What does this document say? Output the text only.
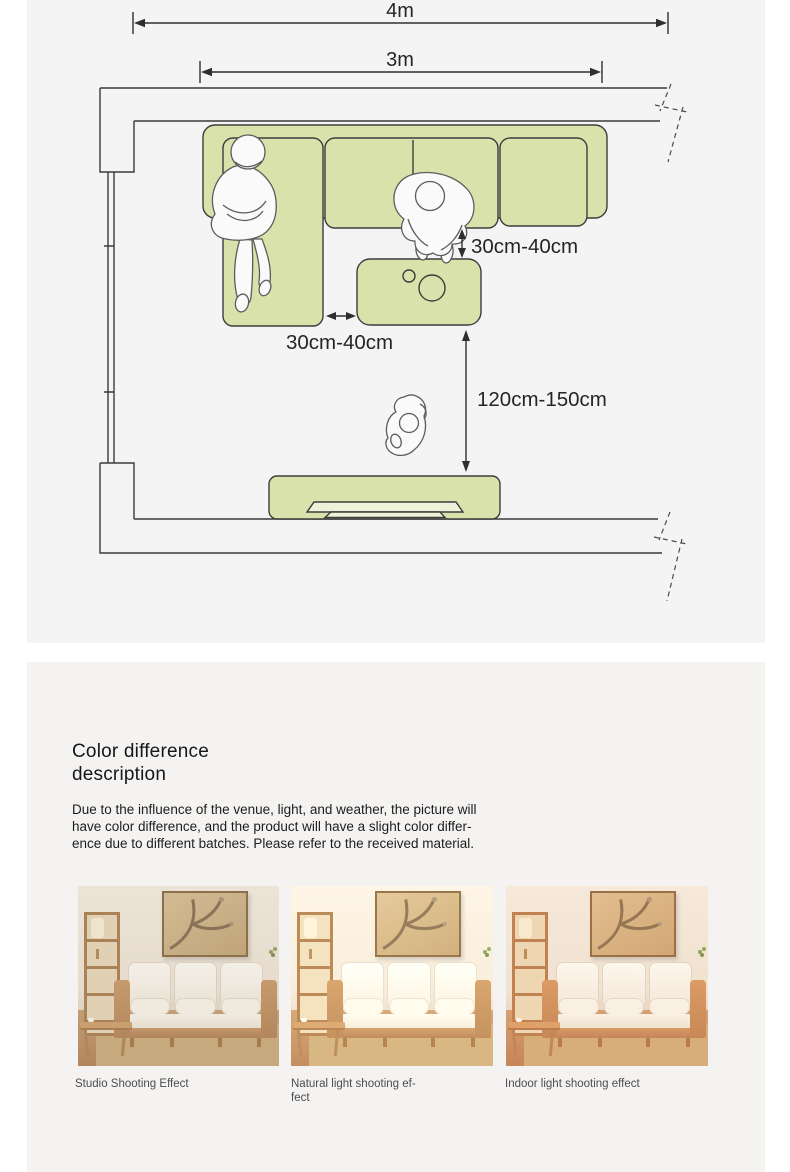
4m
3m
30cm-40cm
30cm-40cm
120cm-150cm
Color difference
description
Due to the influence of the venue, light, and weather, the picture will
have color difference, and the product will have a slight color differ-
ence due to different batches. Please refer to the received material.
Studio Shooting Effect	Natural light shooting ef-
fect
Indoor light shooting effect
